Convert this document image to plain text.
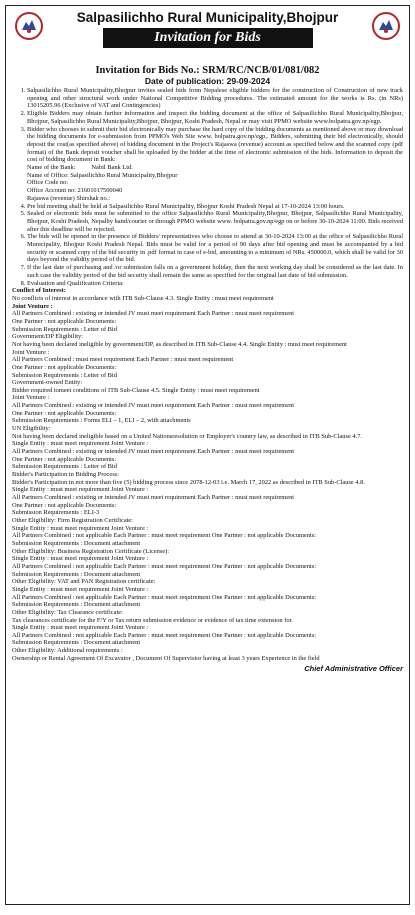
Salpasilichho Rural Municipality,Bhojpur
Invitation for Bids
Invitation for Bids No.: SRM/RC/NCB/01/081/082
Date of publication: 29-09-2024
1. Salpasilichho Rural Municipality,Bhojpur invites sealed bids from Nepalese eligible bidders for the construction of Construction of new track opening and other structural work under National Competitive Bidding procedures. The estimated amount for the works is Rs. (in NRs) 13015205.96 (Exclusive of VAT and Contingencies)
2. Eligible Bidders may obtain further information and inspect the bidding document at the office of Salpasilichho Rural Municipality,Bhojpur, Bhojpur, Salpasilichho Rural Municipality,Bhojpur, Bhojpur, Koshi Pradesh, Nepal or may visit PPMO website www.bolpatra.gov.np/egp.
3. Bidder who chooses to submit their bid electronically may purchase the hard copy of the bidding documents as mentioned above or may download the bidding documents for e-submission from PPMO's Web Site www. bolpatra.gov.np/egp,. Bidders, submitting their bid electronically, should deposit the cost(as specified above) of bidding document in the Project's Rajaswa (revenue) account as specified below and the scanned copy (pdf format) of the Bank deposit voucher shall be uploaded by the bidder at the time of electronic submission of the bids. Information to deposit the cost of bidding document in Bank:
Name of the Bank:          Nabil Bank Ltd.
Name of Office: Salpasilichho Rural Municipality,Bhojpur
Office Code no:
Office Account no: 21601017500040
Rajaswa (revenue) Shirshak no.:
4. Pre bid meeting shall be held at Salpasilichho Rural Municipality, Bhojpur Koshi Pradesh Nepal at 17-10-2024 13:00 hours.
5. Sealed or electronic bids must be submitted to the office Salpasilichho Rural Municipality,Bhojpur, Bhojpur, Salpasilichho Rural Municipality, Bhojpur, Koshi Pradesh, Nepalby hand/courier or through PPMO website www. bolpatra.gov.np/egp on or before 30-10-2024 11:00. Bids received after this deadline will be rejected.
6. The bids will be opened in the presence of Bidders' representatives who choose to attend at 30-10-2024 13:00 at the office of Salpasilichho Rural Municipality, Bhojpur Koshi Pradesh Nepal. Bids must be valid for a period of 90 days after bid opening and must be accompanied by a bid security or scanned copy of the bid security in .pdf format in case of e-bid, amounting to a minimum of NRs. 450000.0, which shall be valid for 30 days beyond the validity period of the bid.
7. If the last date of purchasing and /or submission falls on a government holiday, then the next working day shall be considered as the last date. In such case the validity period of the bid security shall remain the same as specified for the original last date of bid submission.
8. Evaluation and Qualification Criteria:

Conflict of Interest:

No conflicts of interest in accordance with ITB Sub-Clause 4.3. Single Entity : must meet requirement

Joint Venture :

All Partners Combined : existing or intended JV must meet requirement Each Partner : must meet requirement

One Partner : not applicable Documents:

Submission Requirements : Letter of Bid

Government/DP Eligibility:

Not having been declared ineligible by government/DP, as described in ITB Sub-Clause 4.4. Single Entity : must meet requirement

Joint Venture :

All Partners Combined : must meet requirement Each Partner : must meet requirement

One Partner : not applicable Documents:

Submission Requirements : Letter of Bid

Government-owned Entity:

Bidder required tomeet conditions of ITB Sub-Clause 4.5. Single Entity : must meet requirement

Joint Venture :

All Partners Combined : existing or intended JV must meet requirement Each Partner : must meet requirement

One Partner : not applicable Documents:

Submission Requirements : Forms ELI – 1, ELI – 2, with attachments

UN Eligibility:

Not having been declared ineligible based on a United Nationsresolution or Employer's country law, as described in ITB Sub-Clause 4.7.

Single Entity : must meet requirement Joint Venture :

All Partners Combined : existing or intended JV must meet requirement Each Partner : must meet requirement

One Partner : not applicable Documents:

Submission Requirements : Letter of Bid

Bidder's Participation in Bidding Process:

Bidder's Participation in not more than five (5) bidding process since 2078-12-03 i.e. March 17, 2022 as described in ITB Sub-Clause 4.8.

Single Entity : must meet requirement Joint Venture :

All Partners Combined : existing or intended JV must meet requirement Each Partner : must meet requirement

One Partner : not applicable Documents:

Submission Requirements : ELI-3

Other Eligibility: Firm Registration Certificate:

Single Entity : must meet requirement Joint Venture :

All Partners Combined : not applicable Each Partner : must meet requirement One Partner : not applicable Documents:

Submission Requirements : Document attachment

Other Eligibility: Business Registration Certificate (License):

Single Entity : must meet requirement Joint Venture :

All Partners Combined : not applicable Each Partner : must meet requirement One Partner : not applicable Documents:

Submission Requirements : Document attachment

Other Eligibility: VAT and PAN Registration certificate:

Single Entity : must meet requirement Joint Venture :

All Partners Combined : not applicable Each Partner : must meet requirement One Partner : not applicable Documents:

Submission Requirements : Document attachment

Other Eligibility: Tax Clearance certificate:

Tax clearances certificate for the F/Y or Tax return submission evidence or evidence of tax time extension for.

Single Entity : must meet requirement Joint Venture :

All Partners Combined : not applicable Each Partner : must meet requirement One Partner : not applicable Documents:

Submission Requirements : Document attachment

Other Eligibility: Additional requirements :

Ownership or Rental Agreement Of Excavator , Document Of Supervisior having at least 3 years Experience in the field

Chief Administrative Officer
